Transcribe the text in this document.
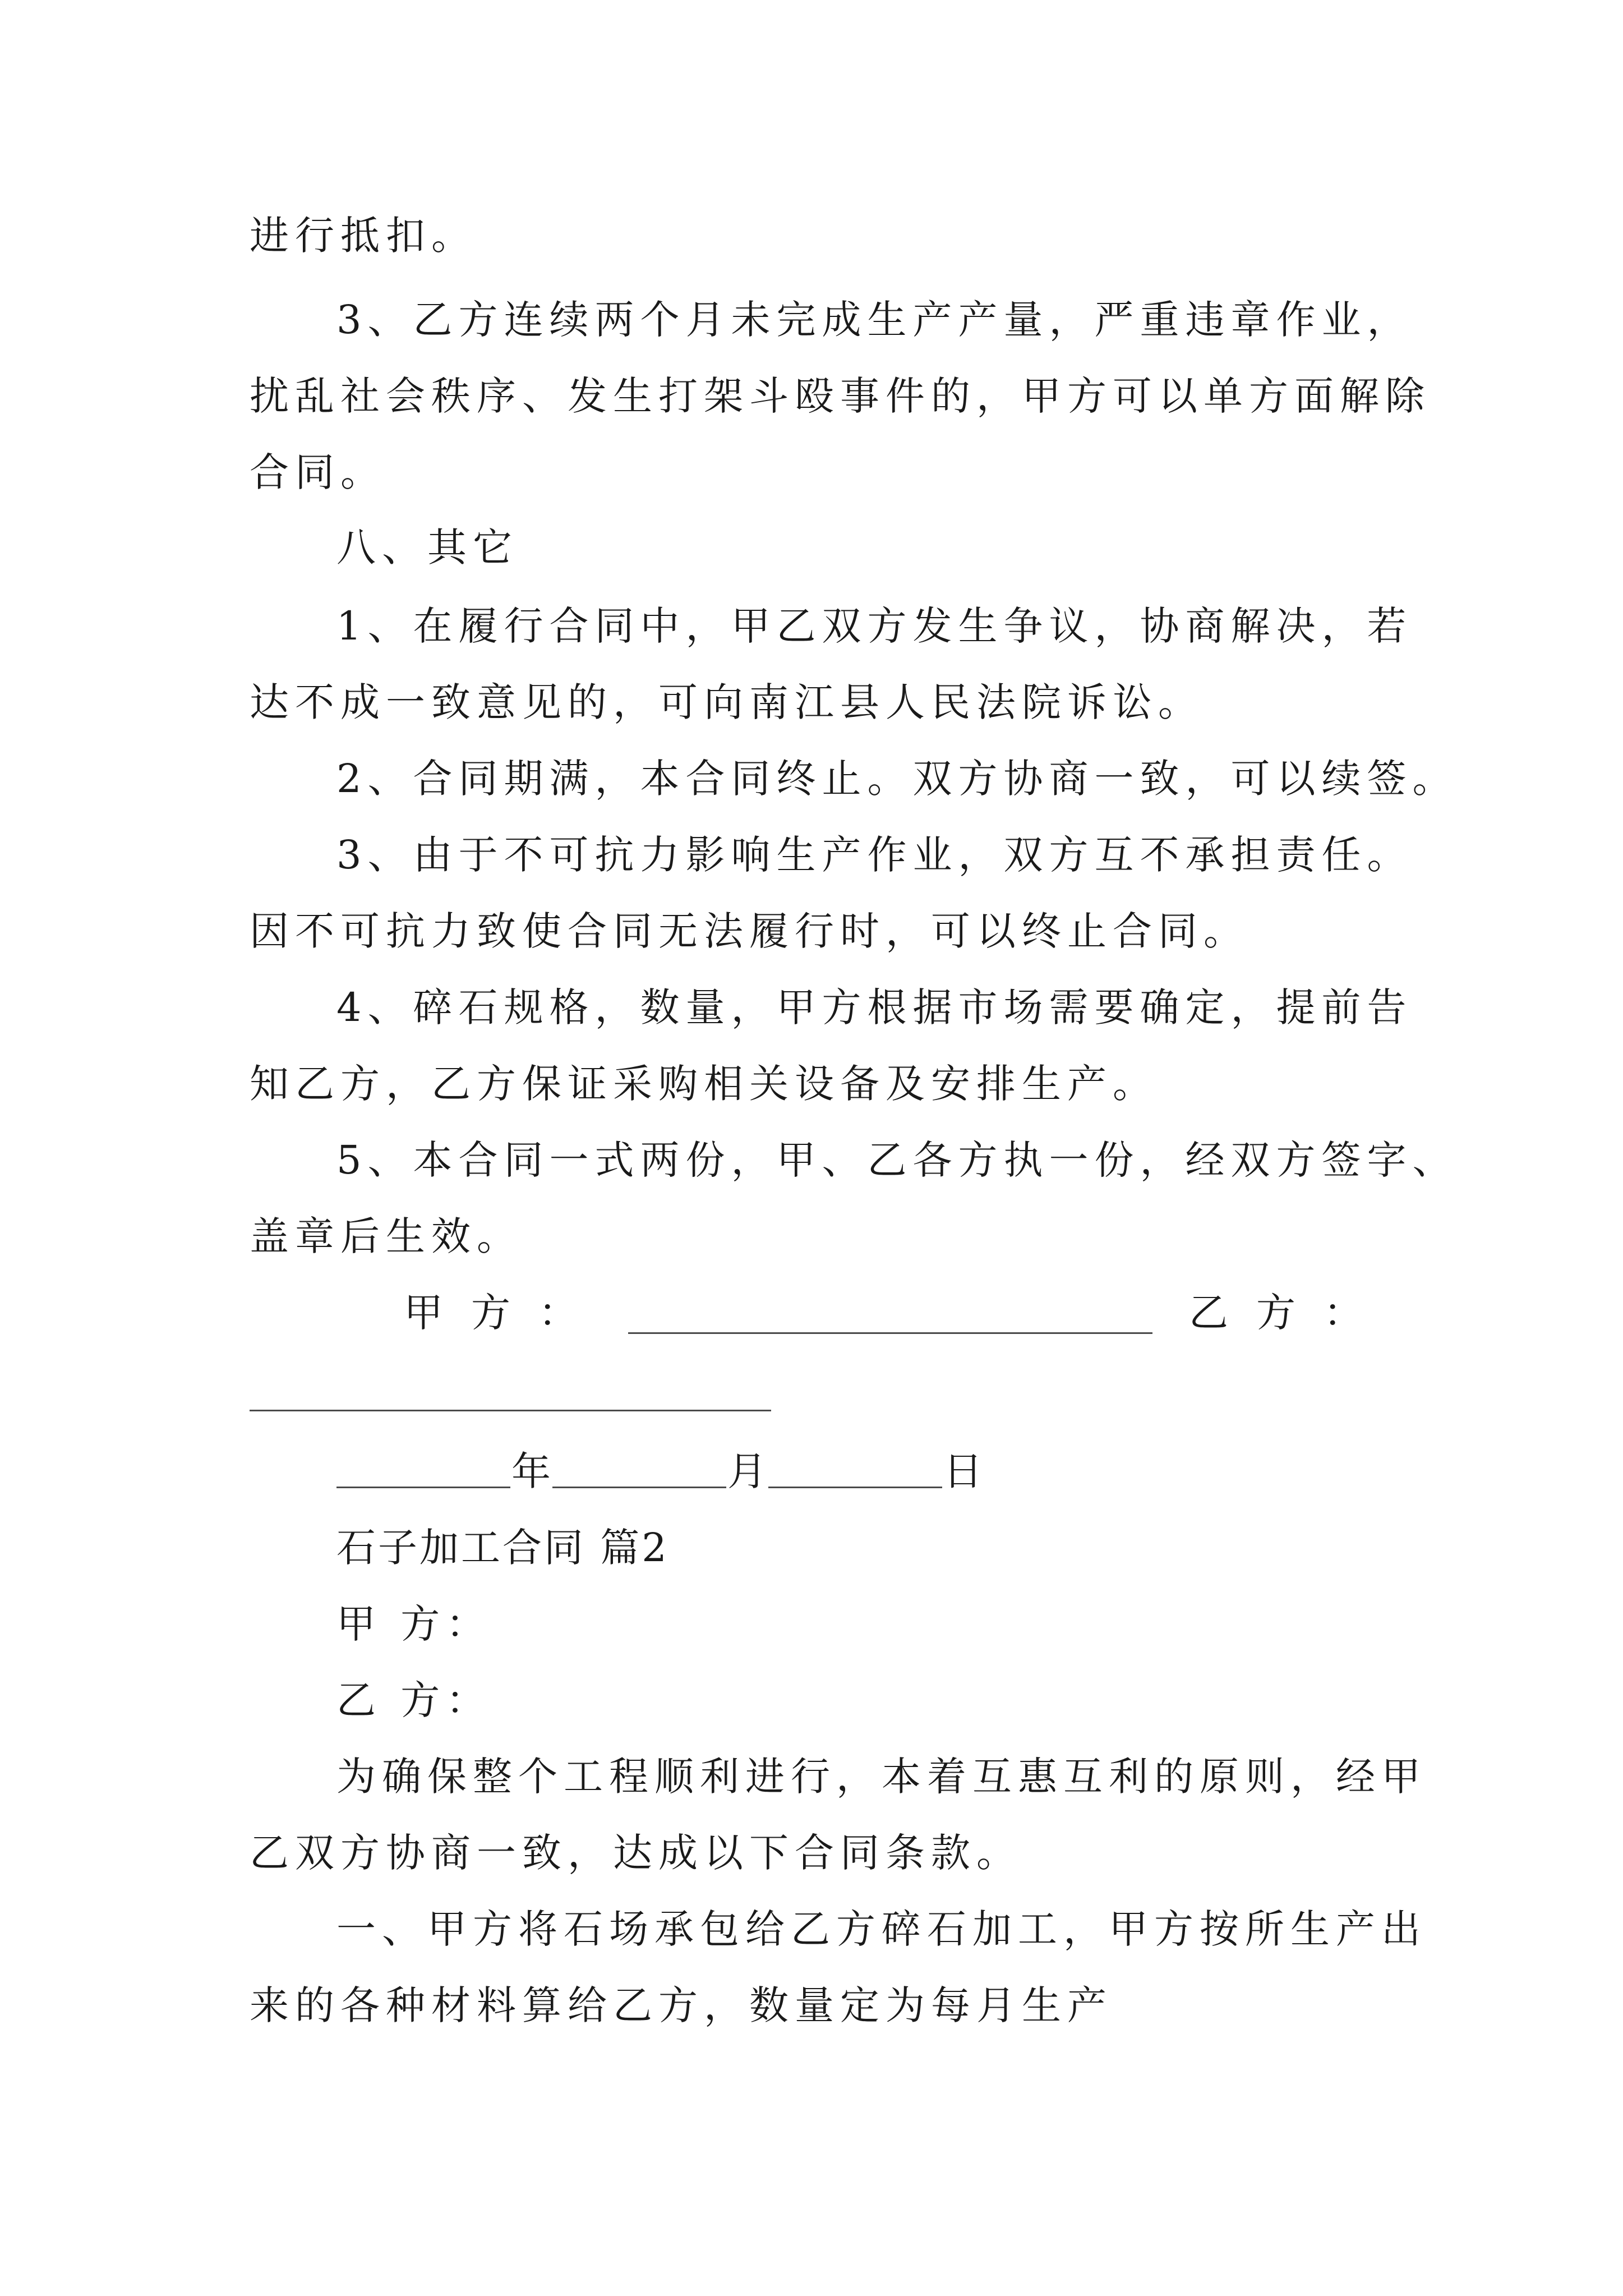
进行抵扣。
3、乙方连续两个月未完成生产产量，严重违章作业，
扰乱社会秩序、发生打架斗殴事件的，甲方可以单方面解除
合同。
八、其它
1、在履行合同中，甲乙双方发生争议，协商解决，若
达不成一致意见的，可向南江县人民法院诉讼。
2、合同期满，本合同终止。双方协商一致，可以续签。
3、由于不可抗力影响生产作业，双方互不承担责任。
因不可抗力致使合同无法履行时，可以终止合同。
4、碎石规格，数量，甲方根据市场需要确定，提前告
知乙方，乙方保证采购相关设备及安排生产。
5、本合同一式两份，甲、乙各方执一份，经双方签字、
盖章后生效。
甲方：	乙方：
年	月	日
石子加工合同 篇2
甲 方：
乙 方：
为确保整个工程顺利进行，本着互惠互利的原则，经甲
乙双方协商一致，达成以下合同条款。
一、甲方将石场承包给乙方碎石加工，甲方按所生产出
来的各种材料算给乙方，数量定为每月生产
